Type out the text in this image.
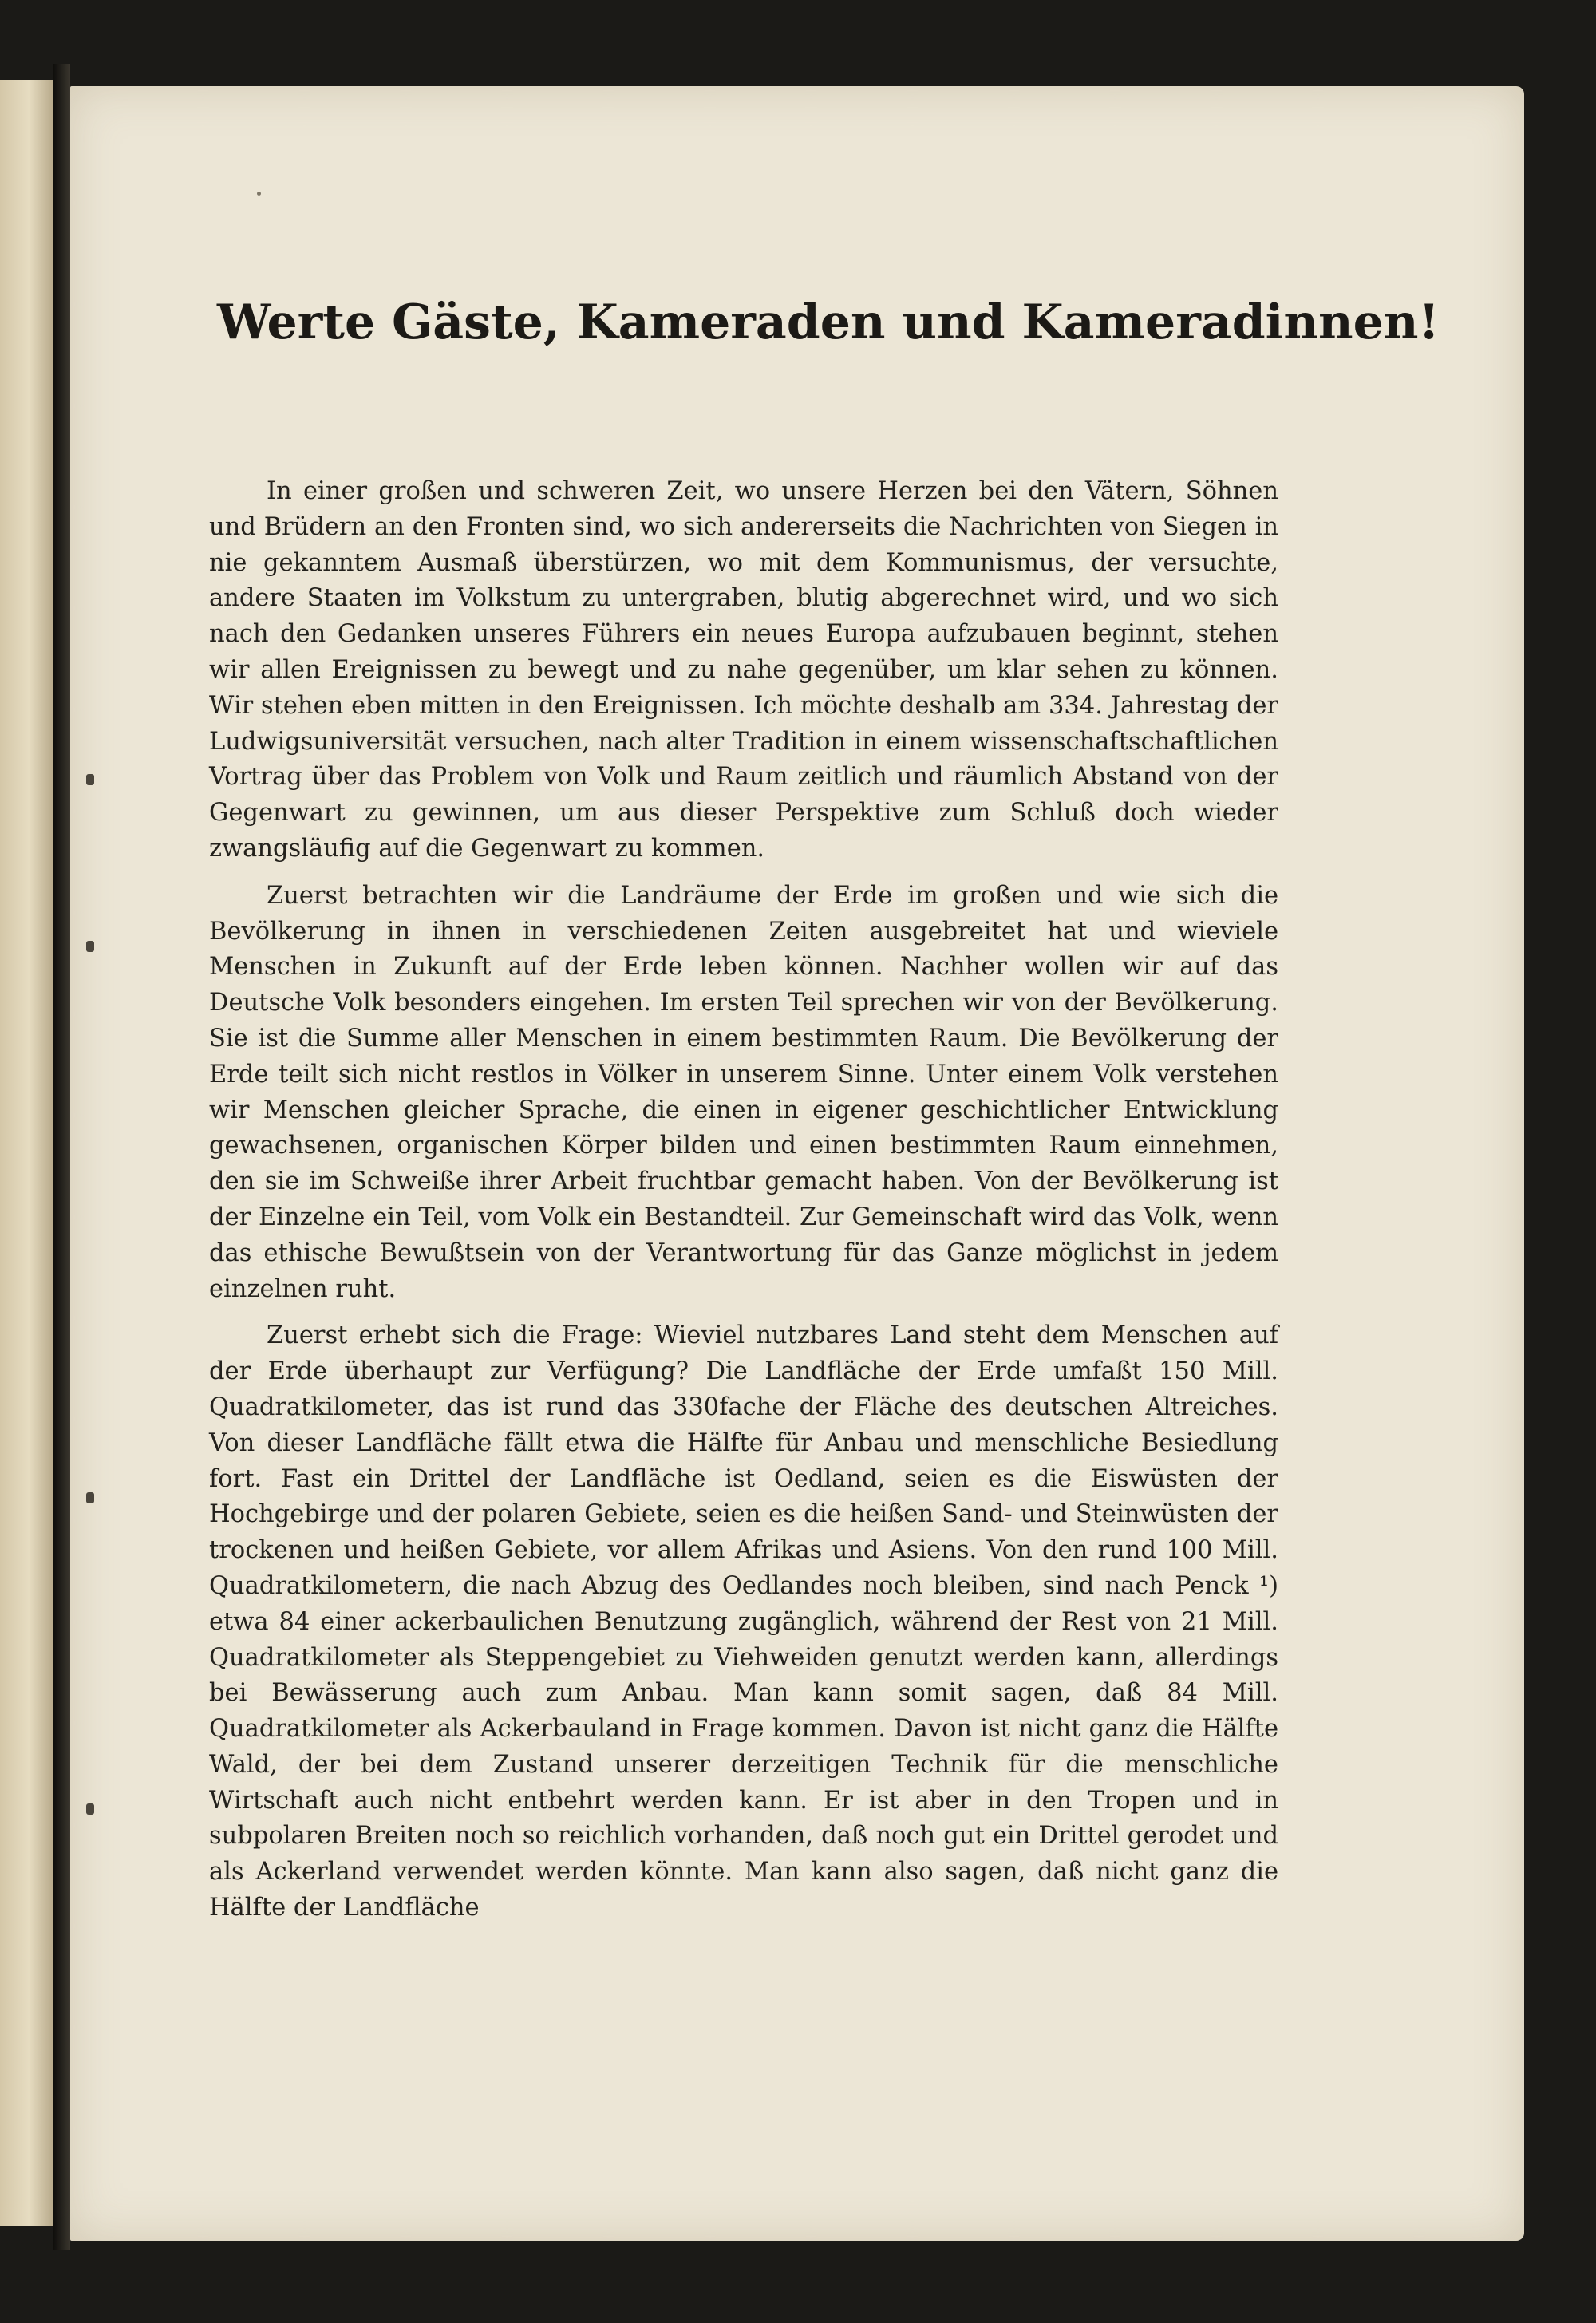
Werte Gäste, Kameraden und Kameradinnen!

In einer großen und schweren Zeit, wo unsere Herzen bei den Vätern, Söhnen und Brüdern an den Fronten sind, wo sich andererseits die Nachrichten von Siegen in nie gekanntem Ausmaß überstürzen, wo mit dem Kommunismus, der versuchte, andere Staaten im Volkstum zu untergraben, blutig abgerechnet wird, und wo sich nach den Gedanken unseres Führers ein neues Europa aufzubauen beginnt, stehen wir allen Ereignissen zu bewegt und zu nahe gegenüber, um klar sehen zu können. Wir stehen eben mitten in den Ereignissen. Ich möchte deshalb am 334. Jahrestag der Ludwigsuniversität versuchen, nach alter Tradition in einem wissenschaftschaftlichen Vortrag über das Problem von Volk und Raum zeitlich und räumlich Abstand von der Gegenwart zu gewinnen, um aus dieser Perspektive zum Schluß doch wieder zwangsläufig auf die Gegenwart zu kommen.

Zuerst betrachten wir die Landräume der Erde im großen und wie sich die Bevölkerung in ihnen in verschiedenen Zeiten ausgebreitet hat und wieviele Menschen in Zukunft auf der Erde leben können. Nachher wollen wir auf das Deutsche Volk besonders eingehen. Im ersten Teil sprechen wir von der Bevölkerung. Sie ist die Summe aller Menschen in einem bestimmten Raum. Die Bevölkerung der Erde teilt sich nicht restlos in Völker in unserem Sinne. Unter einem Volk verstehen wir Menschen gleicher Sprache, die einen in eigener geschichtlicher Entwicklung gewachsenen, organischen Körper bilden und einen bestimmten Raum einnehmen, den sie im Schweiße ihrer Arbeit fruchtbar gemacht haben. Von der Bevölkerung ist der Einzelne ein Teil, vom Volk ein Bestandteil. Zur Gemeinschaft wird das Volk, wenn das ethische Bewußtsein von der Verantwortung für das Ganze möglichst in jedem einzelnen ruht.

Zuerst erhebt sich die Frage: Wieviel nutzbares Land steht dem Menschen auf der Erde überhaupt zur Verfügung? Die Landfläche der Erde umfaßt 150 Mill. Quadratkilometer, das ist rund das 330fache der Fläche des deutschen Altreiches. Von dieser Landfläche fällt etwa die Hälfte für Anbau und menschliche Besiedlung fort. Fast ein Drittel der Landfläche ist Oedland, seien es die Eiswüsten der Hochgebirge und der polaren Gebiete, seien es die heißen Sand- und Steinwüsten der trockenen und heißen Gebiete, vor allem Afrikas und Asiens. Von den rund 100 Mill. Quadratkilometern, die nach Abzug des Oedlandes noch bleiben, sind nach Penck ¹) etwa 84 einer ackerbaulichen Benutzung zugänglich, während der Rest von 21 Mill. Quadratkilometer als Steppengebiet zu Viehweiden genutzt werden kann, allerdings bei Bewässerung auch zum Anbau. Man kann somit sagen, daß 84 Mill. Quadratkilometer als Ackerbauland in Frage kommen. Davon ist nicht ganz die Hälfte Wald, der bei dem Zustand unserer derzeitigen Technik für die menschliche Wirtschaft auch nicht entbehrt werden kann. Er ist aber in den Tropen und in subpolaren Breiten noch so reichlich vorhanden, daß noch gut ein Drittel gerodet und als Ackerland verwendet werden könnte. Man kann also sagen, daß nicht ganz die Hälfte der Landfläche
